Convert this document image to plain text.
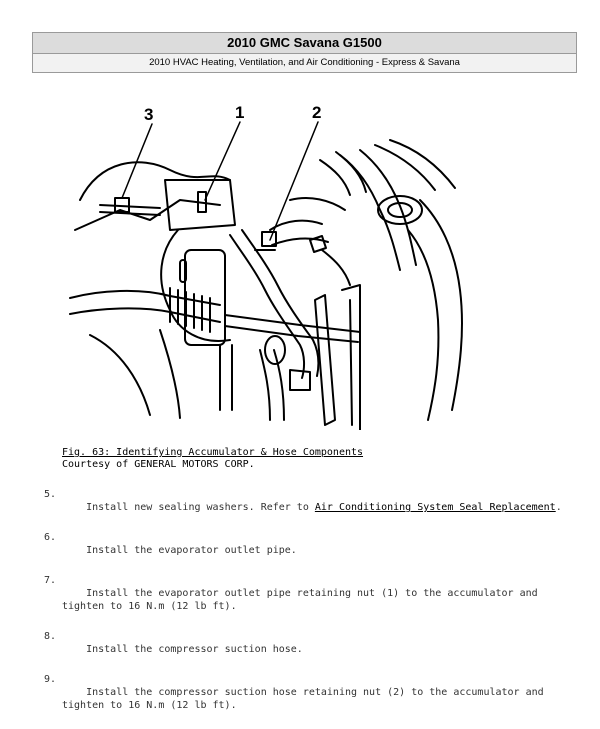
2010 GMC Savana G1500
2010 HVAC Heating, Ventilation, and Air Conditioning - Express & Savana
3	1	2
Fig. 63: Identifying Accumulator & Hose Components
Courtesy of GENERAL MOTORS CORP.

5.
Install new sealing washers. Refer to Air Conditioning System Seal Replacement.

6.
Install the evaporator outlet pipe.

7.
Install the evaporator outlet pipe retaining nut (1) to the accumulator and
tighten to 16 N.m (12 lb ft).

8.
Install the compressor suction hose.

9.
Install the compressor suction hose retaining nut (2) to the accumulator and
tighten to 16 N.m (12 lb ft).
